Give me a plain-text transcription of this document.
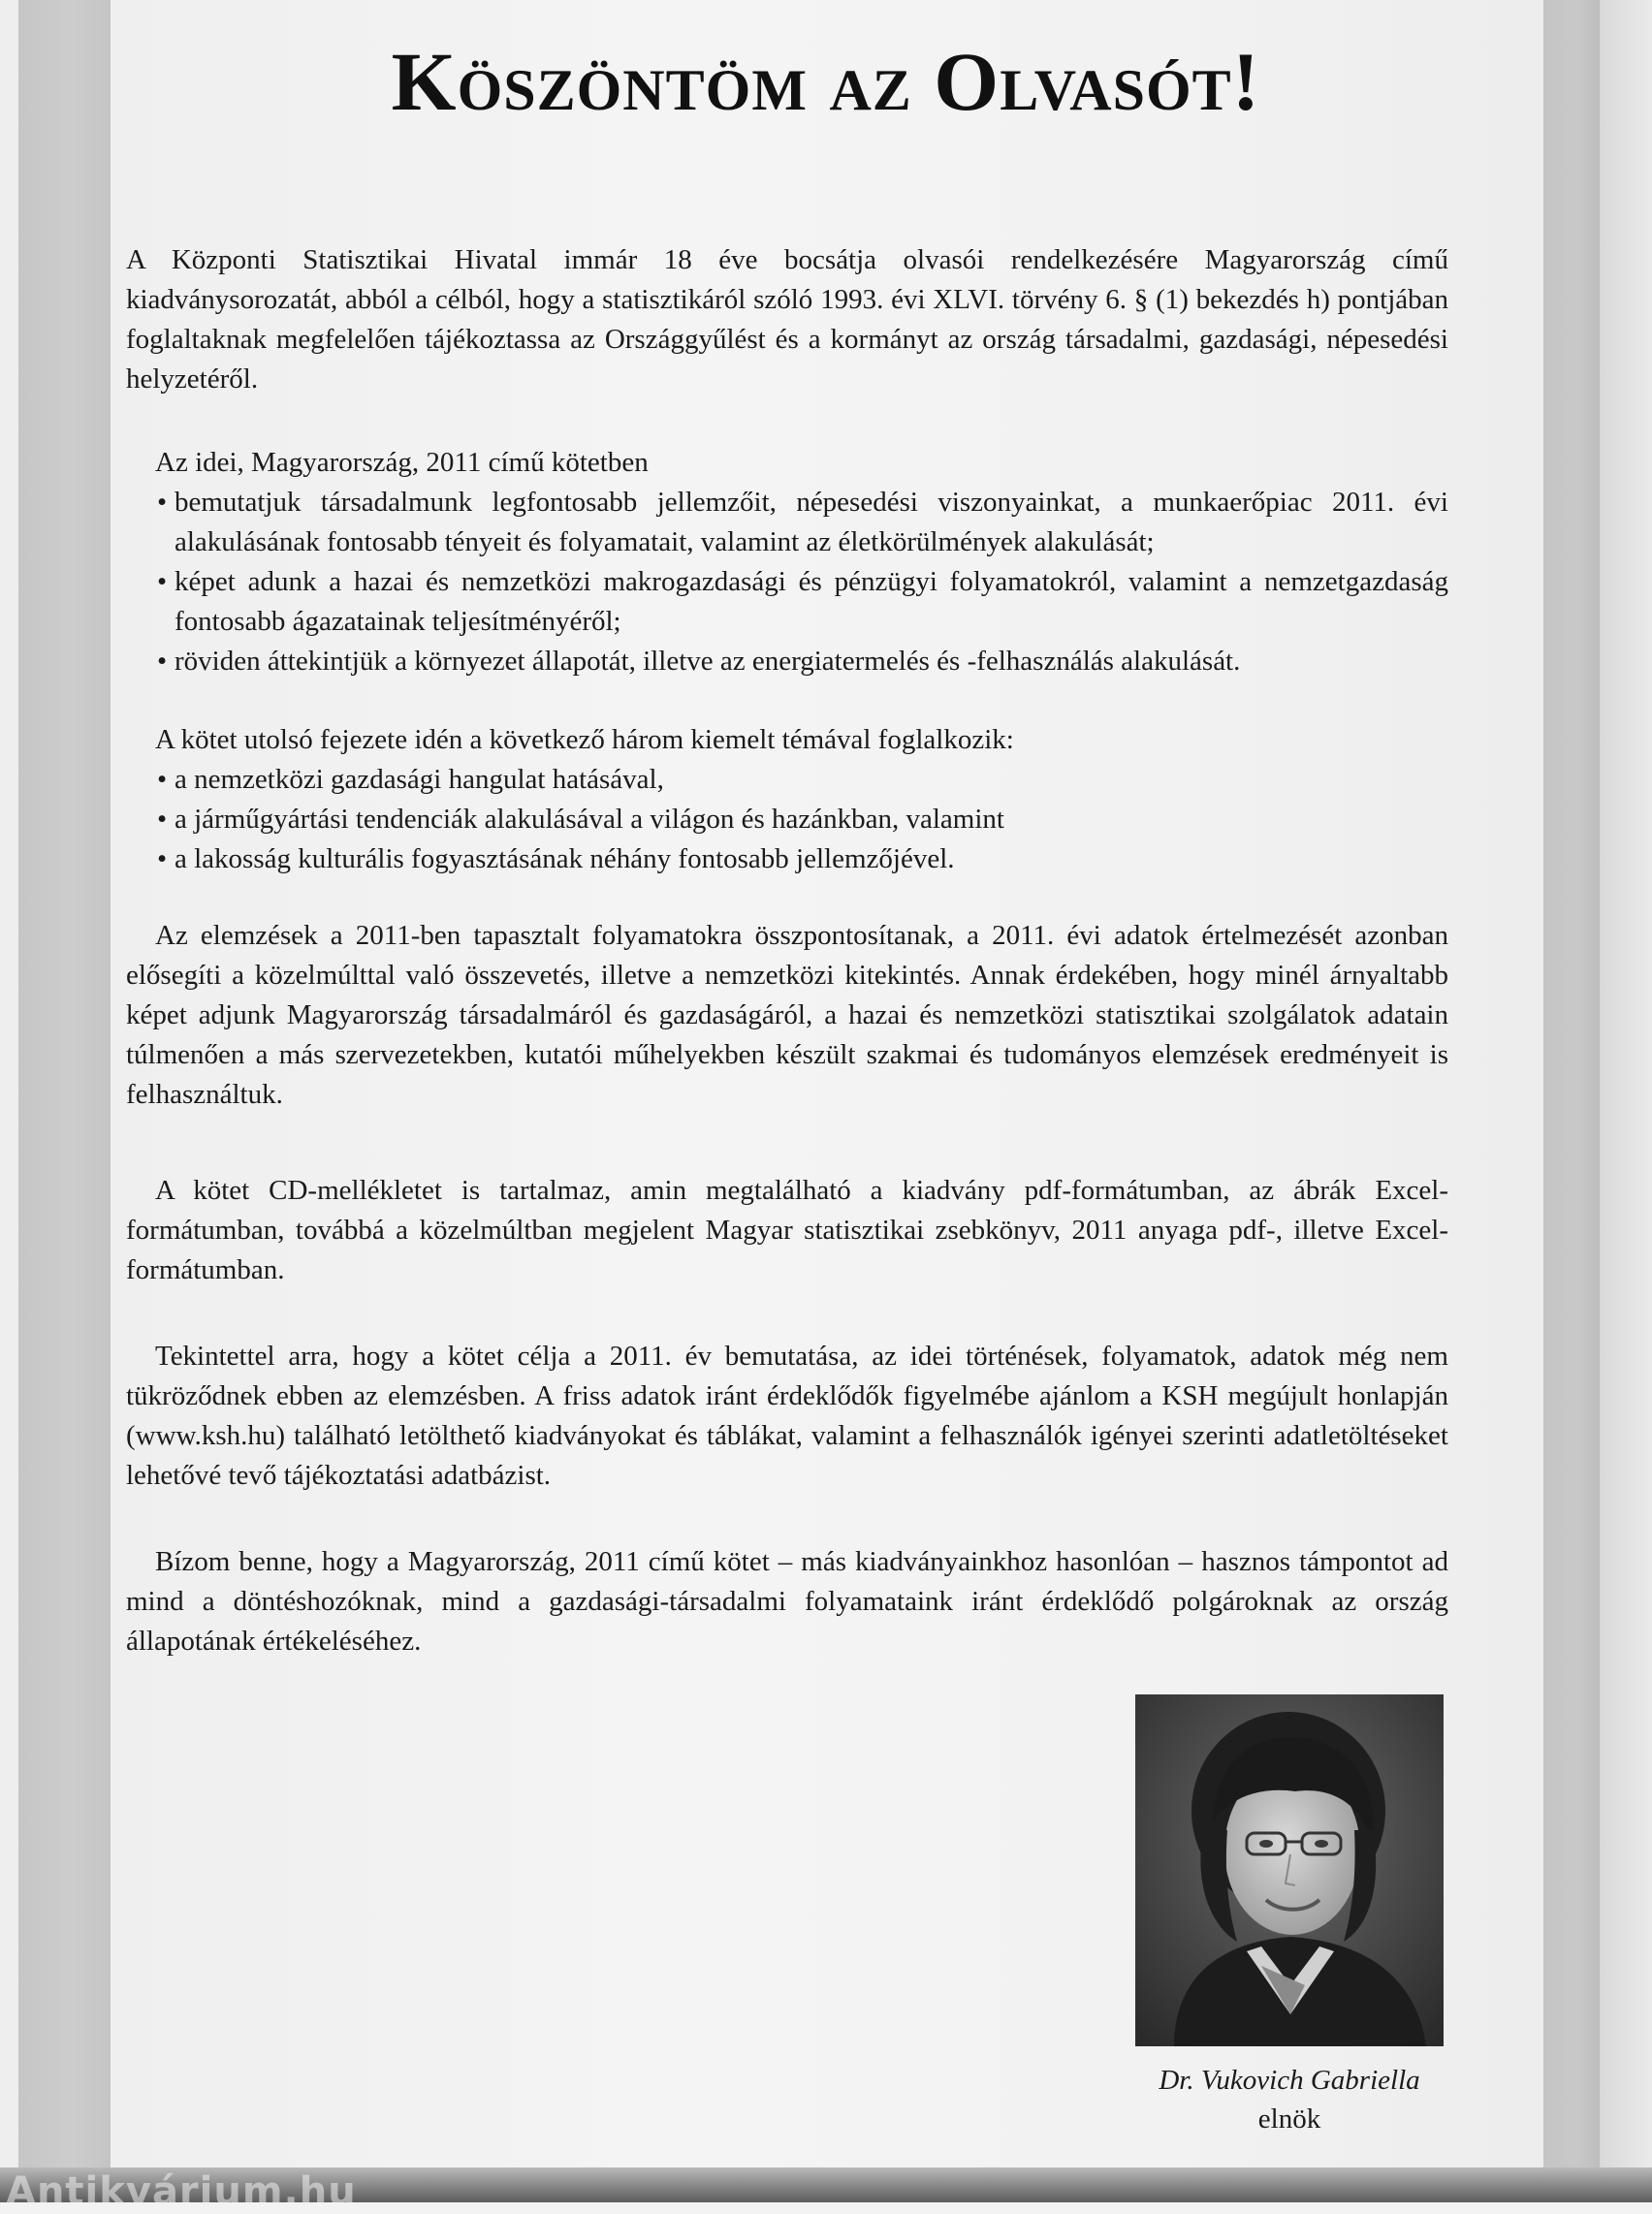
Köszöntöm az Olvasót!

A Központi Statisztikai Hivatal immár 18 éve bocsátja olvasói rendelkezésére Magyarország című kiadványsorozatát, abból a célból, hogy a statisztikáról szóló 1993. évi XLVI. törvény 6. § (1) bekezdés h) pontjában foglaltaknak megfelelően tájékoztassa az Országgyűlést és a kormányt az ország társadalmi, gazdasági, népesedési helyzetéről.

Az idei, Magyarország, 2011 című kötetben

• bemutatjuk társadalmunk legfontosabb jellemzőit, népesedési viszonyainkat, a munkaerőpiac 2011. évi alakulásának fontosabb tényeit és folyamatait, valamint az életkörülmények alakulását;
• képet adunk a hazai és nemzetközi makrogazdasági és pénzügyi folyamatokról, valamint a nemzetgazdaság fontosabb ágazatainak teljesítményéről;
• röviden áttekintjük a környezet állapotát, illetve az energiatermelés és -felhasználás alakulását.

A kötet utolsó fejezete idén a következő három kiemelt témával foglalkozik:

• a nemzetközi gazdasági hangulat hatásával,
• a járműgyártási tendenciák alakulásával a világon és hazánkban, valamint
• a lakosság kulturális fogyasztásának néhány fontosabb jellemzőjével.

Az elemzések a 2011-ben tapasztalt folyamatokra összpontosítanak, a 2011. évi adatok értelmezését azonban elősegíti a közelmúlttal való összevetés, illetve a nemzetközi kitekintés. Annak érdekében, hogy minél árnyaltabb képet adjunk Magyarország társadalmáról és gazdaságáról, a hazai és nemzetközi statisztikai szolgálatok adatain túlmenően a más szervezetekben, kutatói műhelyekben készült szakmai és tudományos elemzések eredményeit is felhasználtuk.

A kötet CD-mellékletet is tartalmaz, amin megtalálható a kiadvány pdf-formátumban, az ábrák Excel-formátumban, továbbá a közelmúltban megjelent Magyar statisztikai zsebkönyv, 2011 anyaga pdf-, illetve Excel-formátumban.

Tekintettel arra, hogy a kötet célja a 2011. év bemutatása, az idei történések, folyamatok, adatok még nem tükröződnek ebben az elemzésben. A friss adatok iránt érdeklődők figyelmébe ajánlom a KSH megújult honlapján (www.ksh.hu) található letölthető kiadványokat és táblákat, valamint a felhasználók igényei szerinti adatletöltéseket lehetővé tevő tájékoztatási adatbázist.

Bízom benne, hogy a Magyarország, 2011 című kötet – más kiadványainkhoz hasonlóan – hasznos támpontot ad mind a döntéshozóknak, mind a gazdasági-társadalmi folyamataink iránt érdeklődő polgároknak az ország állapotának értékeléséhez.

Dr. Vukovich Gabriella

elnök

Antikvárium.hu
